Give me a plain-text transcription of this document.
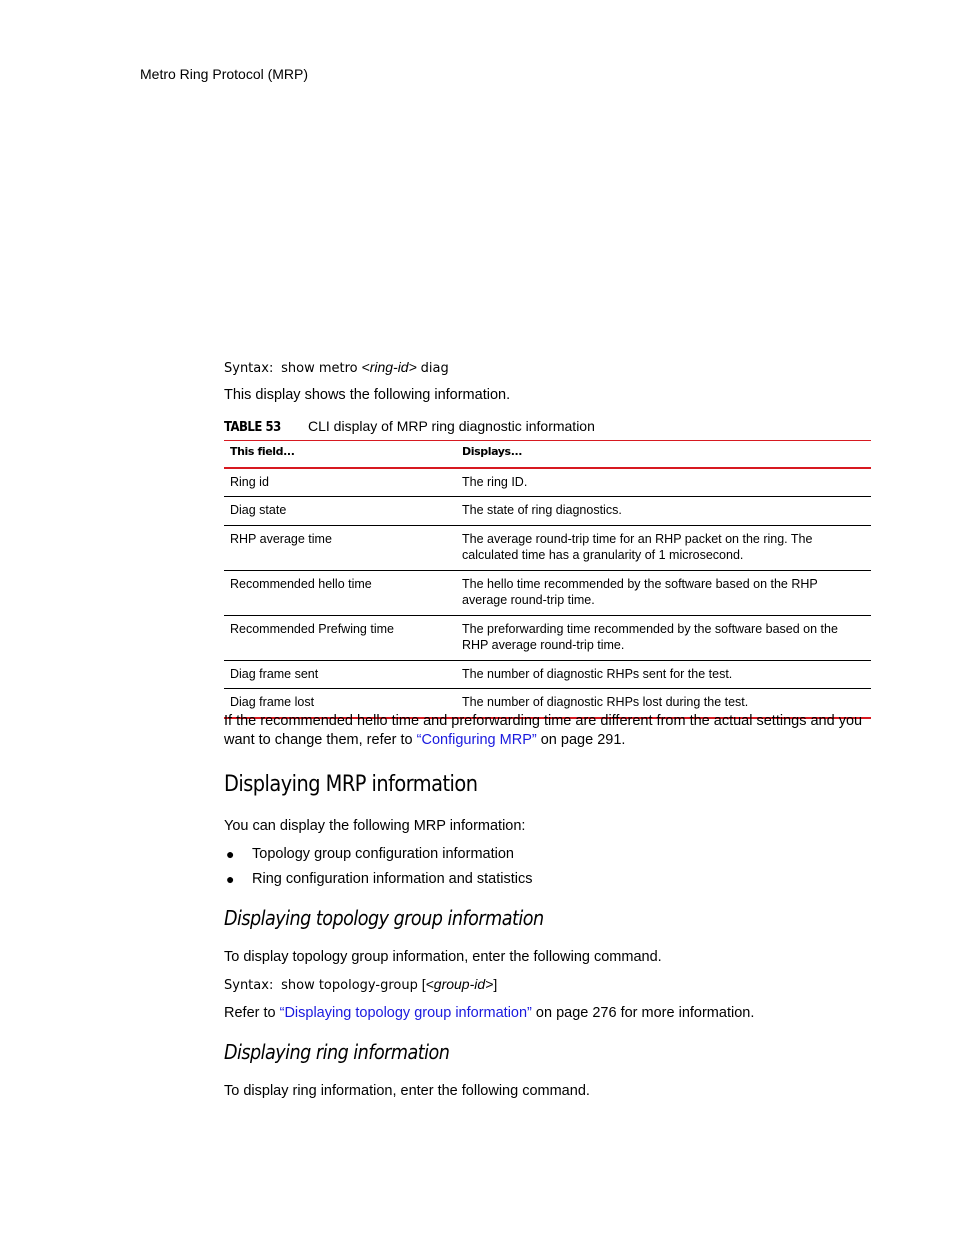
Metro Ring Protocol (MRP)
Syntax: show metro <ring-id> diag
This display shows the following information.
TABLE 53 CLI display of MRP ring diagnostic information
This field...	Displays...
Ring id	The ring ID.
Diag state	The state of ring diagnostics.
RHP average time	The average round-trip time for an RHP packet on the ring. The calculated time has a granularity of 1 microsecond.
Recommended hello time	The hello time recommended by the software based on the RHP average round-trip time.
Recommended Prefwing time	The preforwarding time recommended by the software based on the RHP average round-trip time.
Diag frame sent	The number of diagnostic RHPs sent for the test.
Diag frame lost	The number of diagnostic RHPs lost during the test.
If the recommended hello time and preforwarding time are different from the actual settings and you want to change them, refer to “Configuring MRP” on page 291.
Displaying MRP information
You can display the following MRP information:
● Topology group configuration information
● Ring configuration information and statistics
Displaying topology group information
To display topology group information, enter the following command.
Syntax: show topology-group [<group-id>]
Refer to “Displaying topology group information” on page 276 for more information.
Displaying ring information
To display ring information, enter the following command.
